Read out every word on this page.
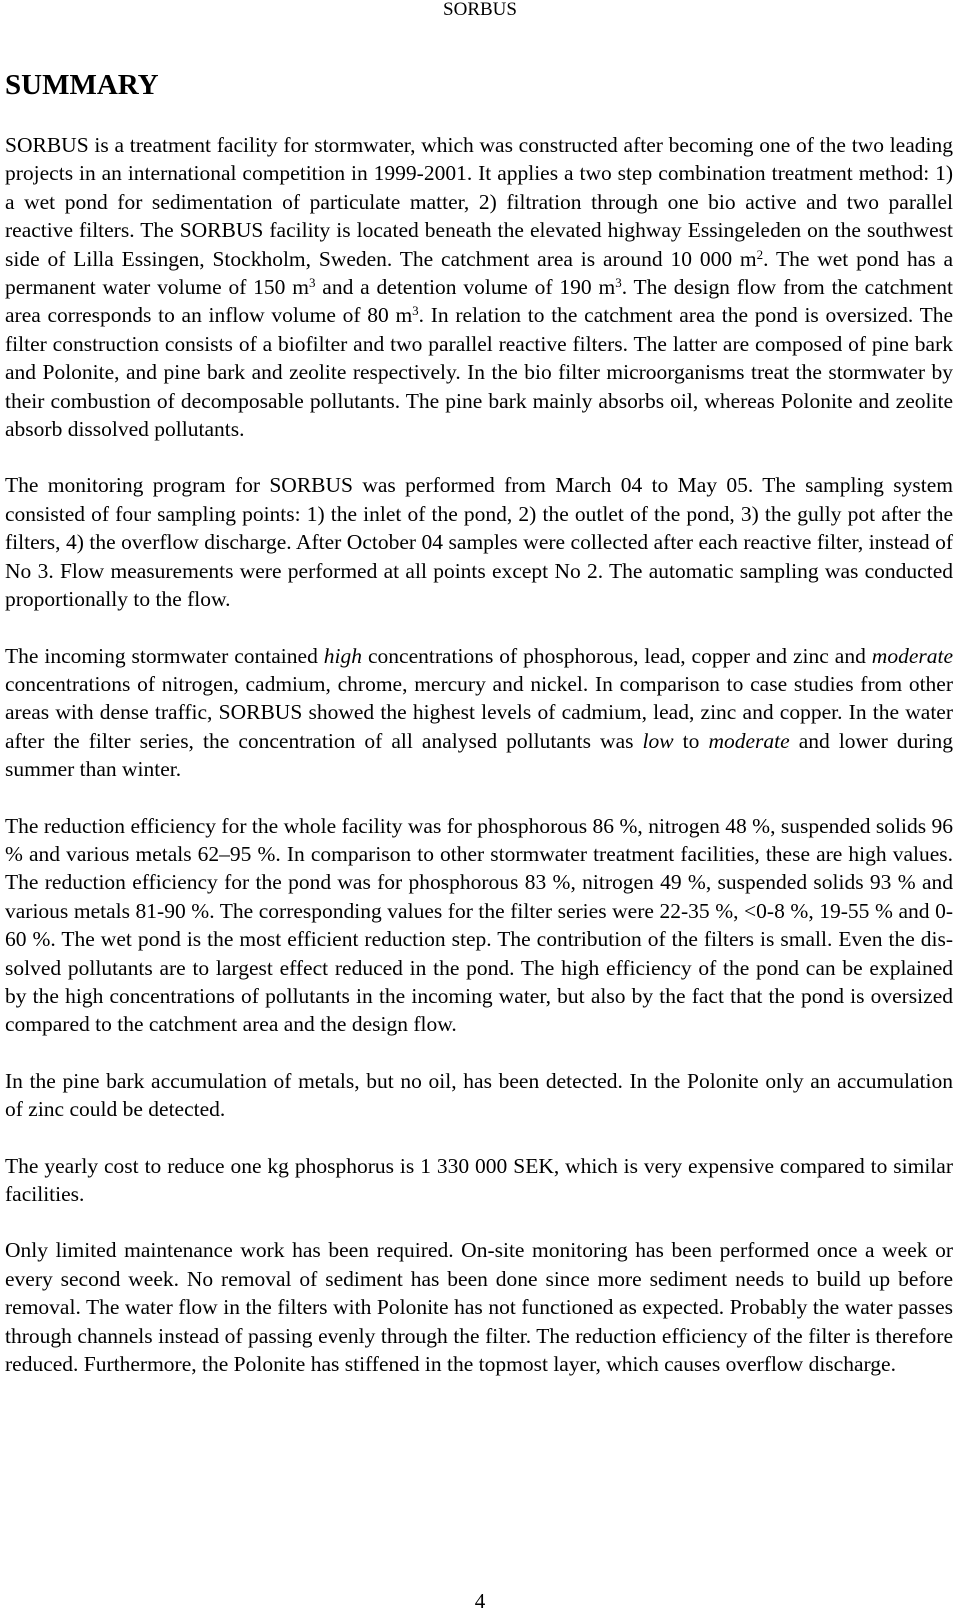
SORBUS
SUMMARY

SORBUS is a treatment facility for stormwater, which was constructed after becoming one of the two leading projects in an international competition in 1999-2001. It applies a two step combination treatment method: 1) a wet pond for sedimentation of particulate matter, 2) filtration through one bio active and two parallel reactive filters. The SORBUS facility is located beneath the elevated highway Essingeleden on the southwest side of Lilla Essingen, Stockholm, Sweden. The catchment area is around 10 000 $m^2$. The wet pond has a permanent water volume of 150 $m^3$ and a detention volume of 190 $m^3$. The design flow from the catchment area corresponds to an inflow volume of 80 $m^3$. In relation to the catchment area the pond is oversized. The filter construction consists of a biofilter and two parallel reactive filters. The latter are composed of pine bark and Polonite, and pine bark and zeolite respectively. In the bio filter microorganisms treat the stormwater by their combustion of decomposable pollutants. The pine bark mainly absorbs oil, whereas Polonite and zeolite absorb dissolved pollutants.

The monitoring program for SORBUS was performed from March 04 to May 05. The sampling system consisted of four sampling points: 1) the inlet of the pond, 2) the outlet of the pond, 3) the gully pot after the filters, 4) the overflow discharge. After October 04 samples were collected after each reactive filter, instead of No 3. Flow measurements were performed at all points except No 2. The automatic sampling was conducted proportionally to the flow.

The incoming stormwater contained high concentrations of phosphorous, lead, copper and zinc and moderate concentrations of nitrogen, cadmium, chrome, mercury and nickel. In comparison to case studies from other areas with dense traffic, SORBUS showed the highest levels of cadmium, lead, zinc and copper. In the water after the filter series, the concentration of all analysed pollutants was low to moderate and lower during summer than winter.

The reduction efficiency for the whole facility was for phosphorous 86 %, nitrogen 48 %, suspended solids 96 % and various metals 62–95 %. In comparison to other stormwater treatment facilities, these are high values. The reduction efficiency for the pond was for phosphorous 83 %, nitrogen 49 %, suspended solids 93 % and various metals 81-90 %. The corresponding values for the filter series were 22-35 %, <0-8 %, 19-55 % and 0- 60 %. The wet pond is the most efficient reduction step. The contribution of the filters is small. Even the dissolved pollutants are to largest effect reduced in the pond. The high efficiency of the pond can be explained by the high concentrations of pollutants in the incoming water, but also by the fact that the pond is oversized compared to the catchment area and the design flow.

In the pine bark accumulation of metals, but no oil, has been detected. In the Polonite only an accumulation of zinc could be detected.

The yearly cost to reduce one kg phosphorus is 1 330 000 SEK, which is very expensive compared to similar facilities.

Only limited maintenance work has been required. On-site monitoring has been performed once a week or every second week. No removal of sediment has been done since more sediment needs to build up before removal. The water flow in the filters with Polonite has not functioned as expected. Probably the water passes through channels instead of passing evenly through the filter. The reduction efficiency of the filter is therefore reduced. Furthermore, the Polonite has stiffened in the topmost layer, which causes overflow discharge.

4
